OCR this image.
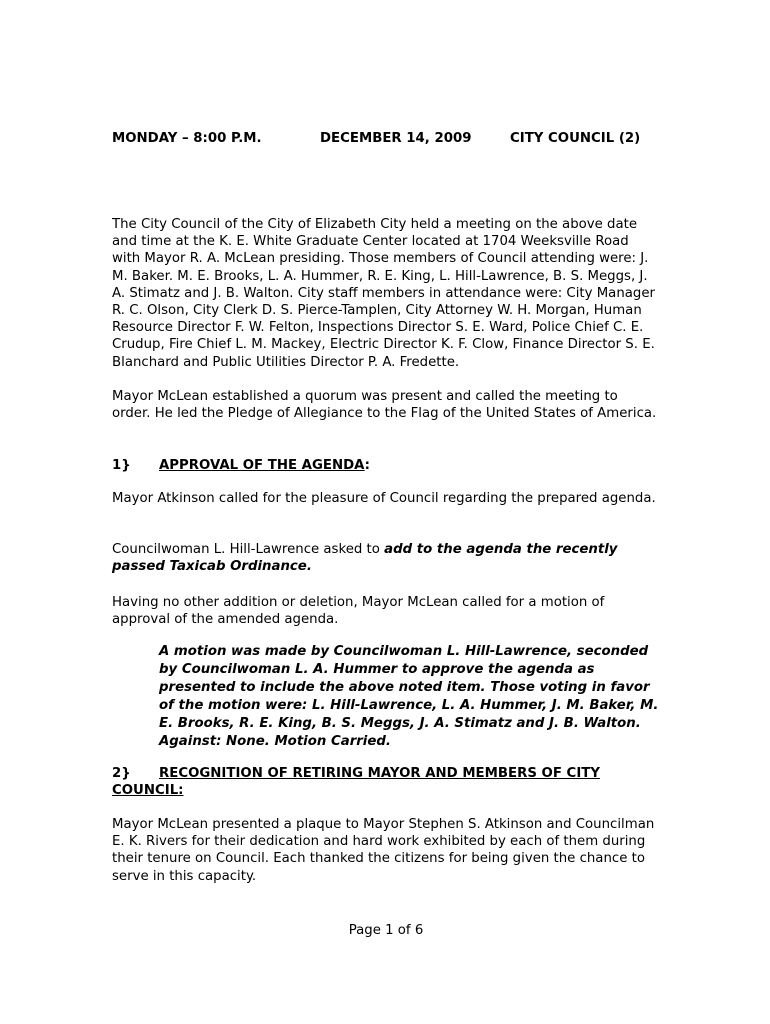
MONDAY – 8:00 P.M.	DECEMBER 14, 2009	CITY COUNCIL (2)

The City Council of the City of Elizabeth City held a meeting on the above date and time at the K. E. White Graduate Center located at 1704 Weeksville Road with Mayor R. A. McLean presiding. Those members of Council attending were: J. M. Baker. M. E. Brooks, L. A. Hummer, R. E. King, L. Hill-Lawrence, B. S. Meggs, J. A. Stimatz and J. B. Walton. City staff members in attendance were: City Manager R. C. Olson, City Clerk D. S. Pierce-Tamplen, City Attorney W. H. Morgan, Human Resource Director F. W. Felton, Inspections Director S. E. Ward, Police Chief C. E. Crudup, Fire Chief L. M. Mackey, Electric Director K. F. Clow, Finance Director S. E. Blanchard and Public Utilities Director P. A. Fredette.

Mayor McLean established a quorum was present and called the meeting to order. He led the Pledge of Allegiance to the Flag of the United States of America.

1} APPROVAL OF THE AGENDA:

Mayor Atkinson called for the pleasure of Council regarding the prepared agenda.

Councilwoman L. Hill-Lawrence asked to add to the agenda the recently passed Taxicab Ordinance.

Having no other addition or deletion, Mayor McLean called for a motion of approval of the amended agenda.

A motion was made by Councilwoman L. Hill-Lawrence, seconded by Councilwoman L. A. Hummer to approve the agenda as presented to include the above noted item. Those voting in favor of the motion were: L. Hill-Lawrence, L. A. Hummer, J. M. Baker, M. E. Brooks, R. E. King, B. S. Meggs, J. A. Stimatz and J. B. Walton. Against: None. Motion Carried.

2} RECOGNITION OF RETIRING MAYOR AND MEMBERS OF CITY COUNCIL:

Mayor McLean presented a plaque to Mayor Stephen S. Atkinson and Councilman E. K. Rivers for their dedication and hard work exhibited by each of them during their tenure on Council. Each thanked the citizens for being given the chance to serve in this capacity.

Page 1 of 6
